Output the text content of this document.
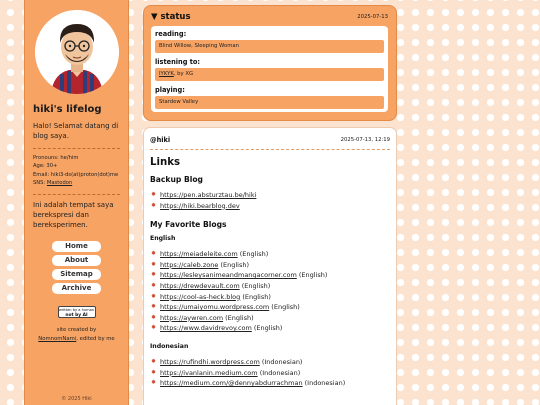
hiki's lifelog
Halo! Selamat datang di blog saya.
Pronouns: he/him
Age: 30+
Email: hiki3-ds(at)proton(dot)me
SNS: Mastodon
Ini adalah tempat saya berekspresi dan bereksperimen.
Home
About
Sitemap
Archive
written by a human
not by AI
site created by
NomnomNami, edited by me
© 2025 Hiki
▼ status	2025-07-13
reading:
Blind Willow, Sleeping Woman
listening to:
IYKYK, by XG
playing:
Stardew Valley
@hiki	2025-07-13, 12:19
Links
Backup Blog
✸ https://pen.absturztau.be/hiki
✸ https://hiki.bearblog.dev
My Favorite Blogs
English
✸ https://meiadeleite.com (English)
✸ https://caleb.zone (English)
✸ https://lesleysanimeandmangacorner.com (English)
✸ https://drewdevault.com (English)
✸ https://cool-as-heck.blog (English)
✸ https://umaiyomu.wordpress.com (English)
✸ https://aywren.com (English)
✸ https://www.davidrevoy.com (English)
Indonesian
✸ https://rufindhi.wordpress.com (Indonesian)
✸ https://ivanlanin.medium.com (Indonesian)
✸ https://medium.com/@dennyabdurrachman (Indonesian)
